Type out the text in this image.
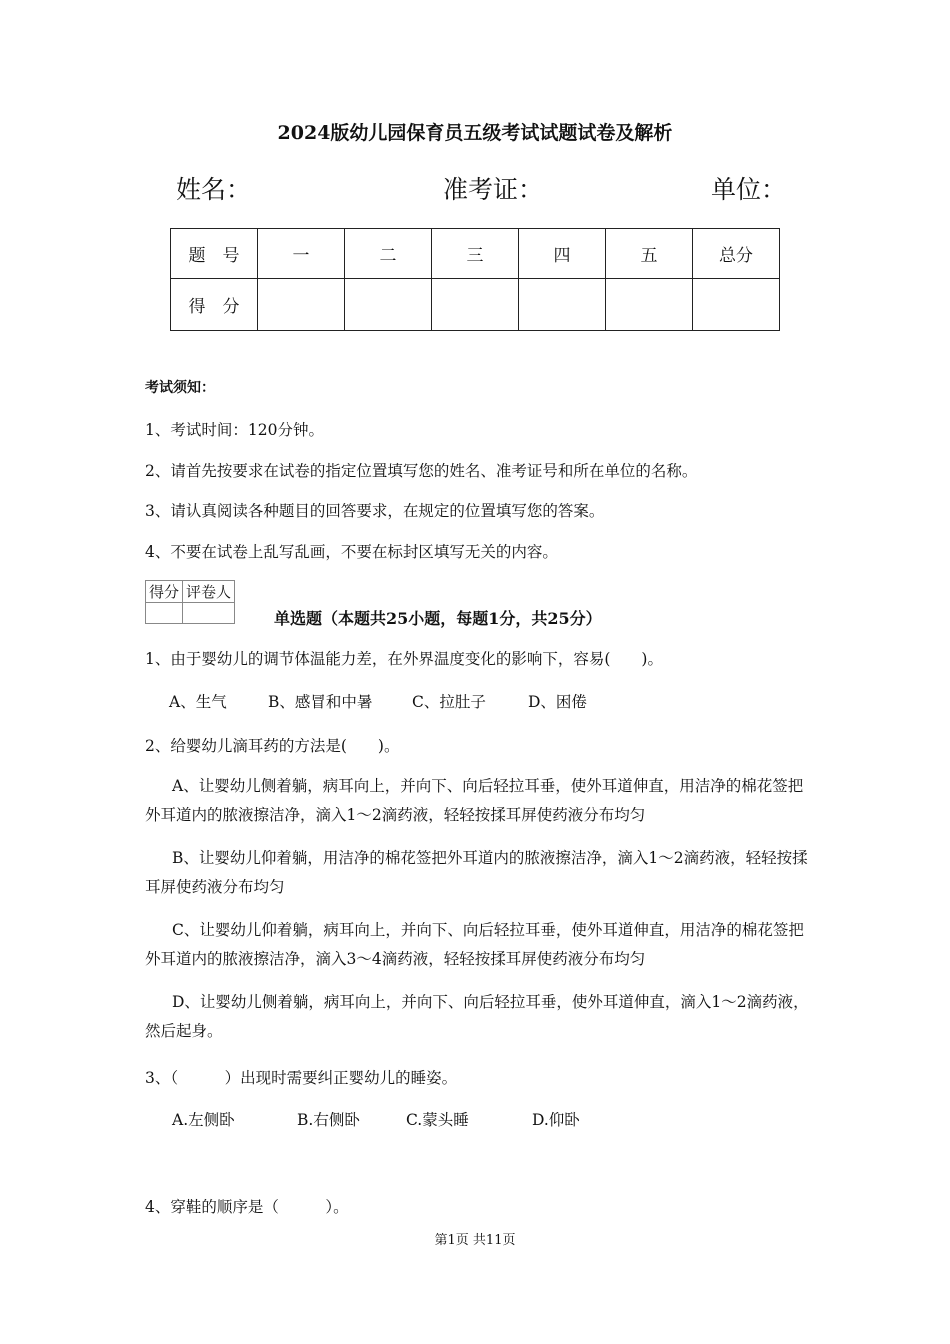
2024版幼儿园保育员五级考试试题试卷及解析
姓名：	准考证：	单位：
题　号	一	二	三	四	五	总分
得　分						
考试须知：
1、考试时间：120分钟。
2、请首先按要求在试卷的指定位置填写您的姓名、准考证号和所在单位的名称。
3、请认真阅读各种题目的回答要求，在规定的位置填写您的答案。
4、不要在试卷上乱写乱画，不要在标封区填写无关的内容。
得分	评卷人

单选题（本题共25小题，每题1分，共25分）
1、由于婴幼儿的调节体温能力差，在外界温度变化的影响下，容易(　　)。
A、生气	B、感冒和中暑	C、拉肚子	D、困倦
2、给婴幼儿滴耳药的方法是(　　)。
A、让婴幼儿侧着躺，病耳向上，并向下、向后轻拉耳垂，使外耳道伸直，用洁净的棉花签把外耳道内的脓液擦洁净，滴入1～2滴药液，轻轻按揉耳屏使药液分布均匀
B、让婴幼儿仰着躺，用洁净的棉花签把外耳道内的脓液擦洁净，滴入1～2滴药液，轻轻按揉耳屏使药液分布均匀
C、让婴幼儿仰着躺，病耳向上，并向下、向后轻拉耳垂，使外耳道伸直，用洁净的棉花签把外耳道内的脓液擦洁净，滴入3～4滴药液，轻轻按揉耳屏使药液分布均匀
D、让婴幼儿侧着躺，病耳向上，并向下、向后轻拉耳垂，使外耳道伸直，滴入1～2滴药液，然后起身。
3、（　　　）出现时需要纠正婴幼儿的睡姿。
A.左侧卧	B.右侧卧	C.蒙头睡	D.仰卧
4、穿鞋的顺序是（　　　）。
第1页 共11页
